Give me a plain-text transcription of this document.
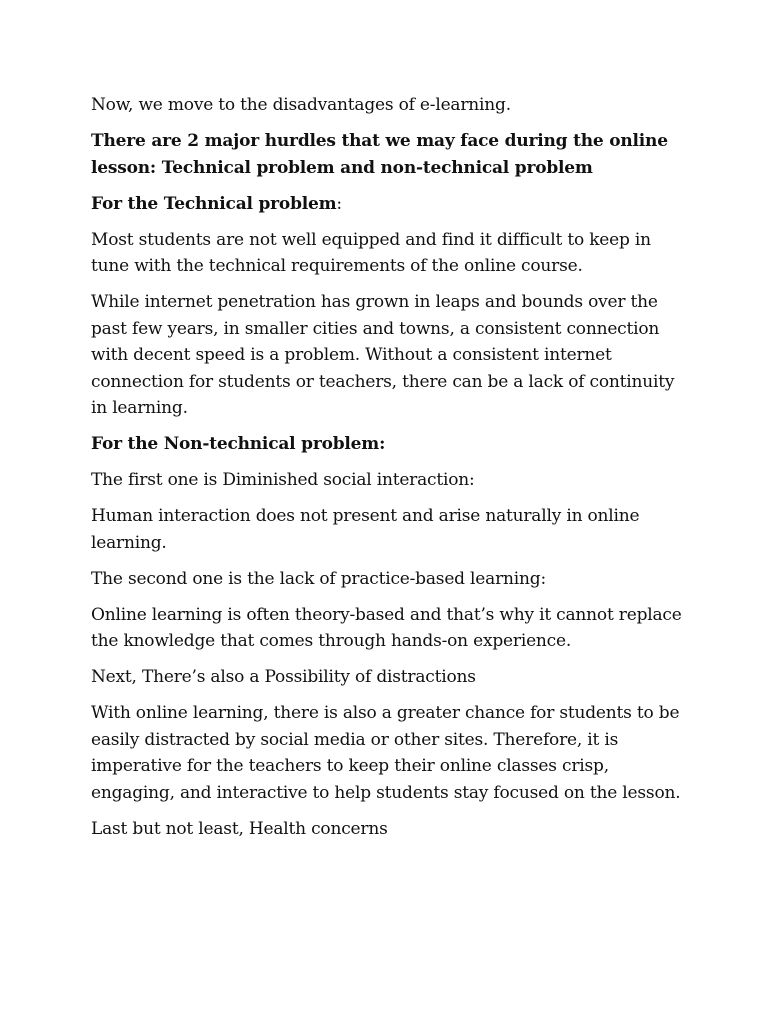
Now, we move to the disadvantages of e-learning.

There are 2 major hurdles that we may face during the online lesson: Technical problem and non-technical problem

For the Technical problem:

Most students are not well equipped and find it difficult to keep in tune with the technical requirements of the online course.

While internet penetration has grown in leaps and bounds over the past few years, in smaller cities and towns, a consistent connection with decent speed is a problem. Without a consistent internet connection for students or teachers, there can be a lack of continuity in learning.

For the Non-technical problem:

The first one is Diminished social interaction:

Human interaction does not present and arise naturally in online learning.

The second one is the lack of practice-based learning:

Online learning is often theory-based and that’s why it cannot replace the knowledge that comes through hands-on experience.

Next, There’s also a Possibility of distractions

With online learning, there is also a greater chance for students to be easily distracted by social media or other sites. Therefore, it is imperative for the teachers to keep their online classes crisp, engaging, and interactive to help students stay focused on the lesson.

Last but not least, Health concerns
